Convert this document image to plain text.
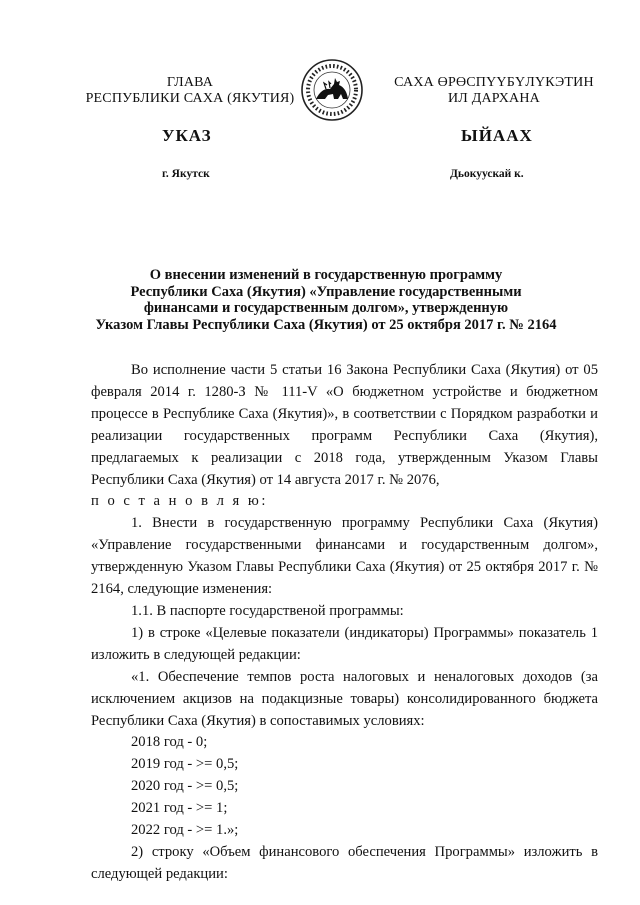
ГЛАВА
РЕСПУБЛИКИ САХА (ЯКУТИЯ)
САХА ӨРӨСПҮҮБҮЛҮКЭТИН
ИЛ ДАРХАНА
УКАЗ	ЫЙААХ
г. Якутск	Дьокуускай к.
О внесении изменений в государственную программу
Республики Саха (Якутия) «Управление государственными
финансами и государственным долгом», утвержденную
Указом Главы Республики Саха (Якутия) от 25 октября 2017 г. № 2164

Во исполнение части 5 статьи 16 Закона Республики Саха (Якутия) от 05 февраля 2014 г. 1280-З № 111-V «О бюджетном устройстве и бюджетном процессе в Республике Саха (Якутия)», в соответствии с Порядком разработки и реализации государственных программ Республики Саха (Якутия), предлагаемых к реализации с 2018 года, утвержденным Указом Главы Республики Саха (Якутия) от 14 августа 2017 г. № 2076,

п о с т а н о в л я ю:

1. Внести в государственную программу Республики Саха (Якутия) «Управление государственными финансами и государственным долгом», утвержденную Указом Главы Республики Саха (Якутия) от 25 октября 2017 г. № 2164, следующие изменения:

1.1. В паспорте государственой программы:

1) в строке «Целевые показатели (индикаторы) Программы» показатель 1 изложить в следующей редакции:

«1. Обеспечение темпов роста налоговых и неналоговых доходов (за исключением акцизов на подакцизные товары) консолидированного бюджета Республики Саха (Якутия) в сопоставимых условиях:

2018 год - 0;
2019 год - >= 0,5;
2020 год - >= 0,5;
2021 год - >= 1;
2022 год - >= 1.»;

2) строку «Объем финансового обеспечения Программы» изложить в следующей редакции:
